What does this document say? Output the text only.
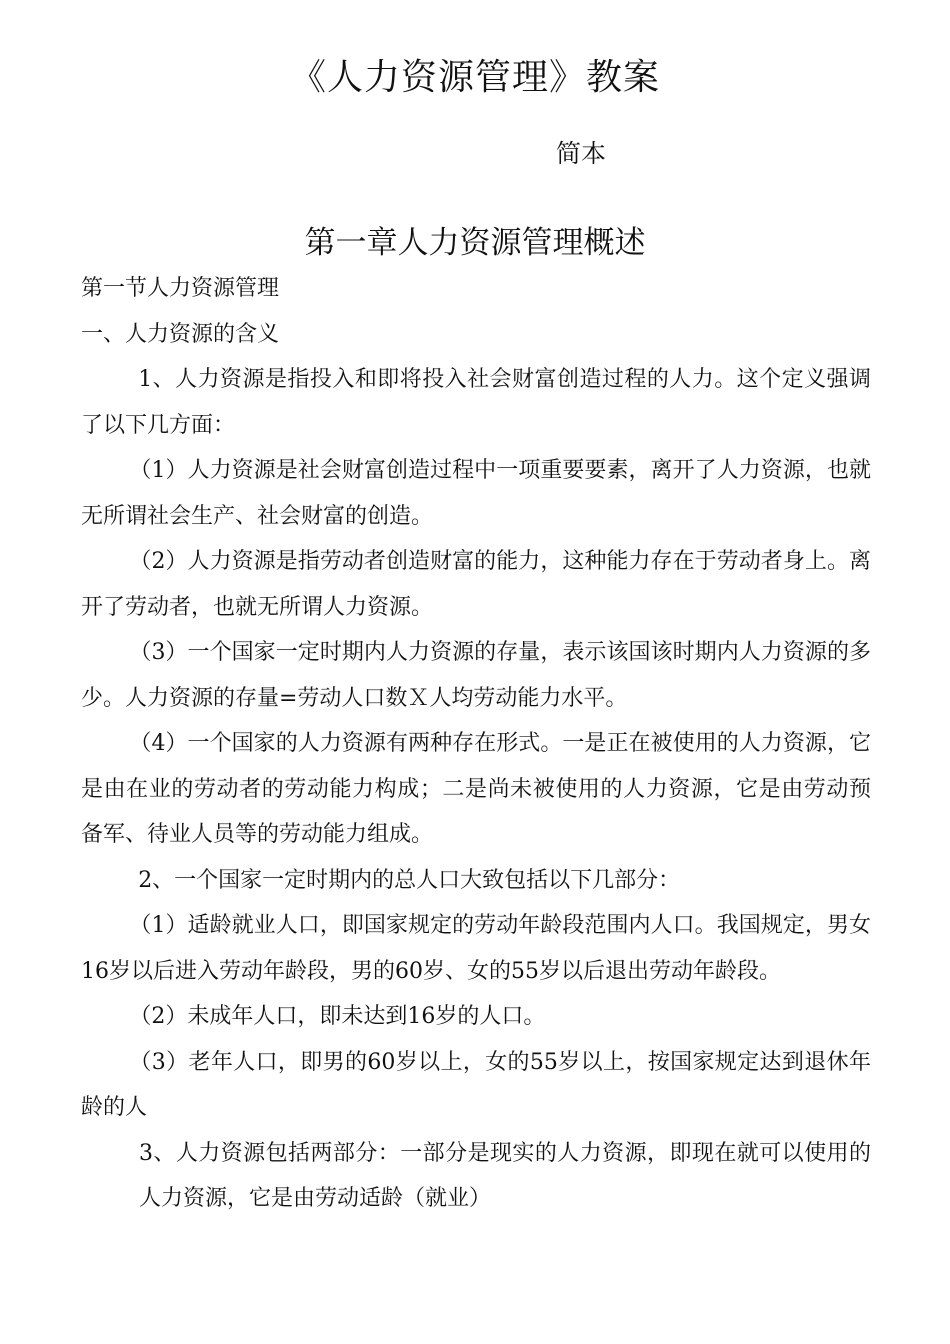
《人力资源管理》教案
简本
第一章人力资源管理概述

第一节人力资源管理

一、人力资源的含义

1、人力资源是指投入和即将投入社会财富创造过程的人力。这个定义强调了以下几方面：

（1）人力资源是社会财富创造过程中一项重要要素，离开了人力资源，也就无所谓社会生产、社会财富的创造。

（2）人力资源是指劳动者创造财富的能力，这种能力存在于劳动者身上。离开了劳动者，也就无所谓人力资源。

（3）一个国家一定时期内人力资源的存量，表示该国该时期内人力资源的多少。人力资源的存量=劳动人口数Ｘ人均劳动能力水平。

（4）一个国家的人力资源有两种存在形式。一是正在被使用的人力资源，它是由在业的劳动者的劳动能力构成；二是尚未被使用的人力资源，它是由劳动预备军、待业人员等的劳动能力组成。

2、一个国家一定时期内的总人口大致包括以下几部分：

（1）适龄就业人口，即国家规定的劳动年龄段范围内人口。我国规定，男女16岁以后进入劳动年龄段，男的60岁、女的55岁以后退出劳动年龄段。

（2）未成年人口，即未达到16岁的人口。

（3）老年人口，即男的60岁以上，女的55岁以上，按国家规定达到退休年龄的人

3、人力资源包括两部分：一部分是现实的人力资源，即现在就可以使用的人力资源，它是由劳动适龄（就业）
